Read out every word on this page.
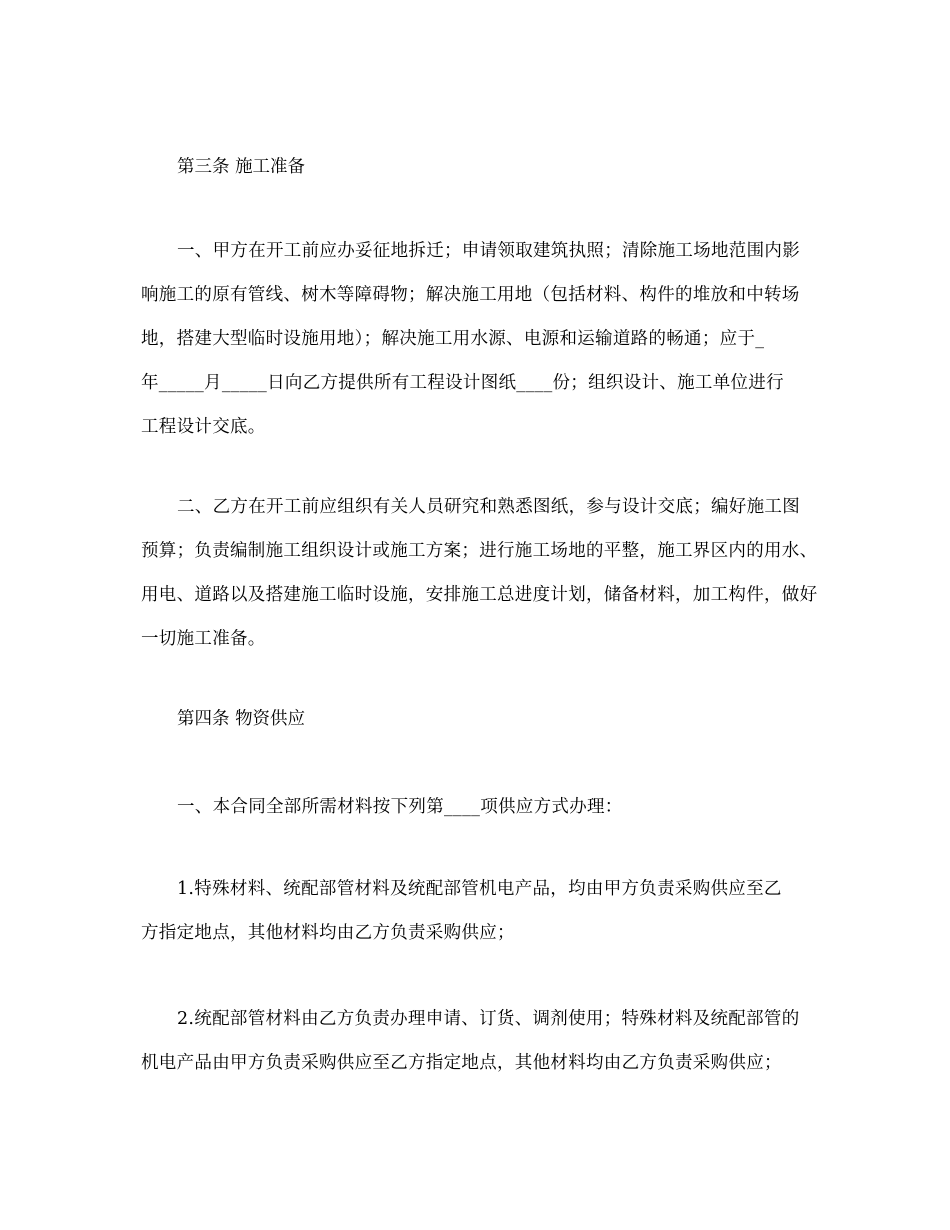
第三条 施工准备

一、甲方在开工前应办妥征地拆迁；申请领取建筑执照；清除施工场地范围内影
响施工的原有管线、树木等障碍物；解决施工用地（包括材料、构件的堆放和中转场
地，搭建大型临时设施用地）；解决施工用水源、电源和运输道路的畅通；应于_
年_____月_____日向乙方提供所有工程设计图纸____份；组织设计、施工单位进行
工程设计交底。
二、乙方在开工前应组织有关人员研究和熟悉图纸，参与设计交底；编好施工图
预算；负责编制施工组织设计或施工方案；进行施工场地的平整，施工界区内的用水、
用电、道路以及搭建施工临时设施，安排施工总进度计划，储备材料，加工构件，做好
一切施工准备。

第四条 物资供应

一、本合同全部所需材料按下列第____项供应方式办理：
1.特殊材料、统配部管材料及统配部管机电产品，均由甲方负责采购供应至乙
方指定地点，其他材料均由乙方负责采购供应；
2.统配部管材料由乙方负责办理申请、订货、调剂使用；特殊材料及统配部管的
机电产品由甲方负责采购供应至乙方指定地点，其他材料均由乙方负责采购供应；
